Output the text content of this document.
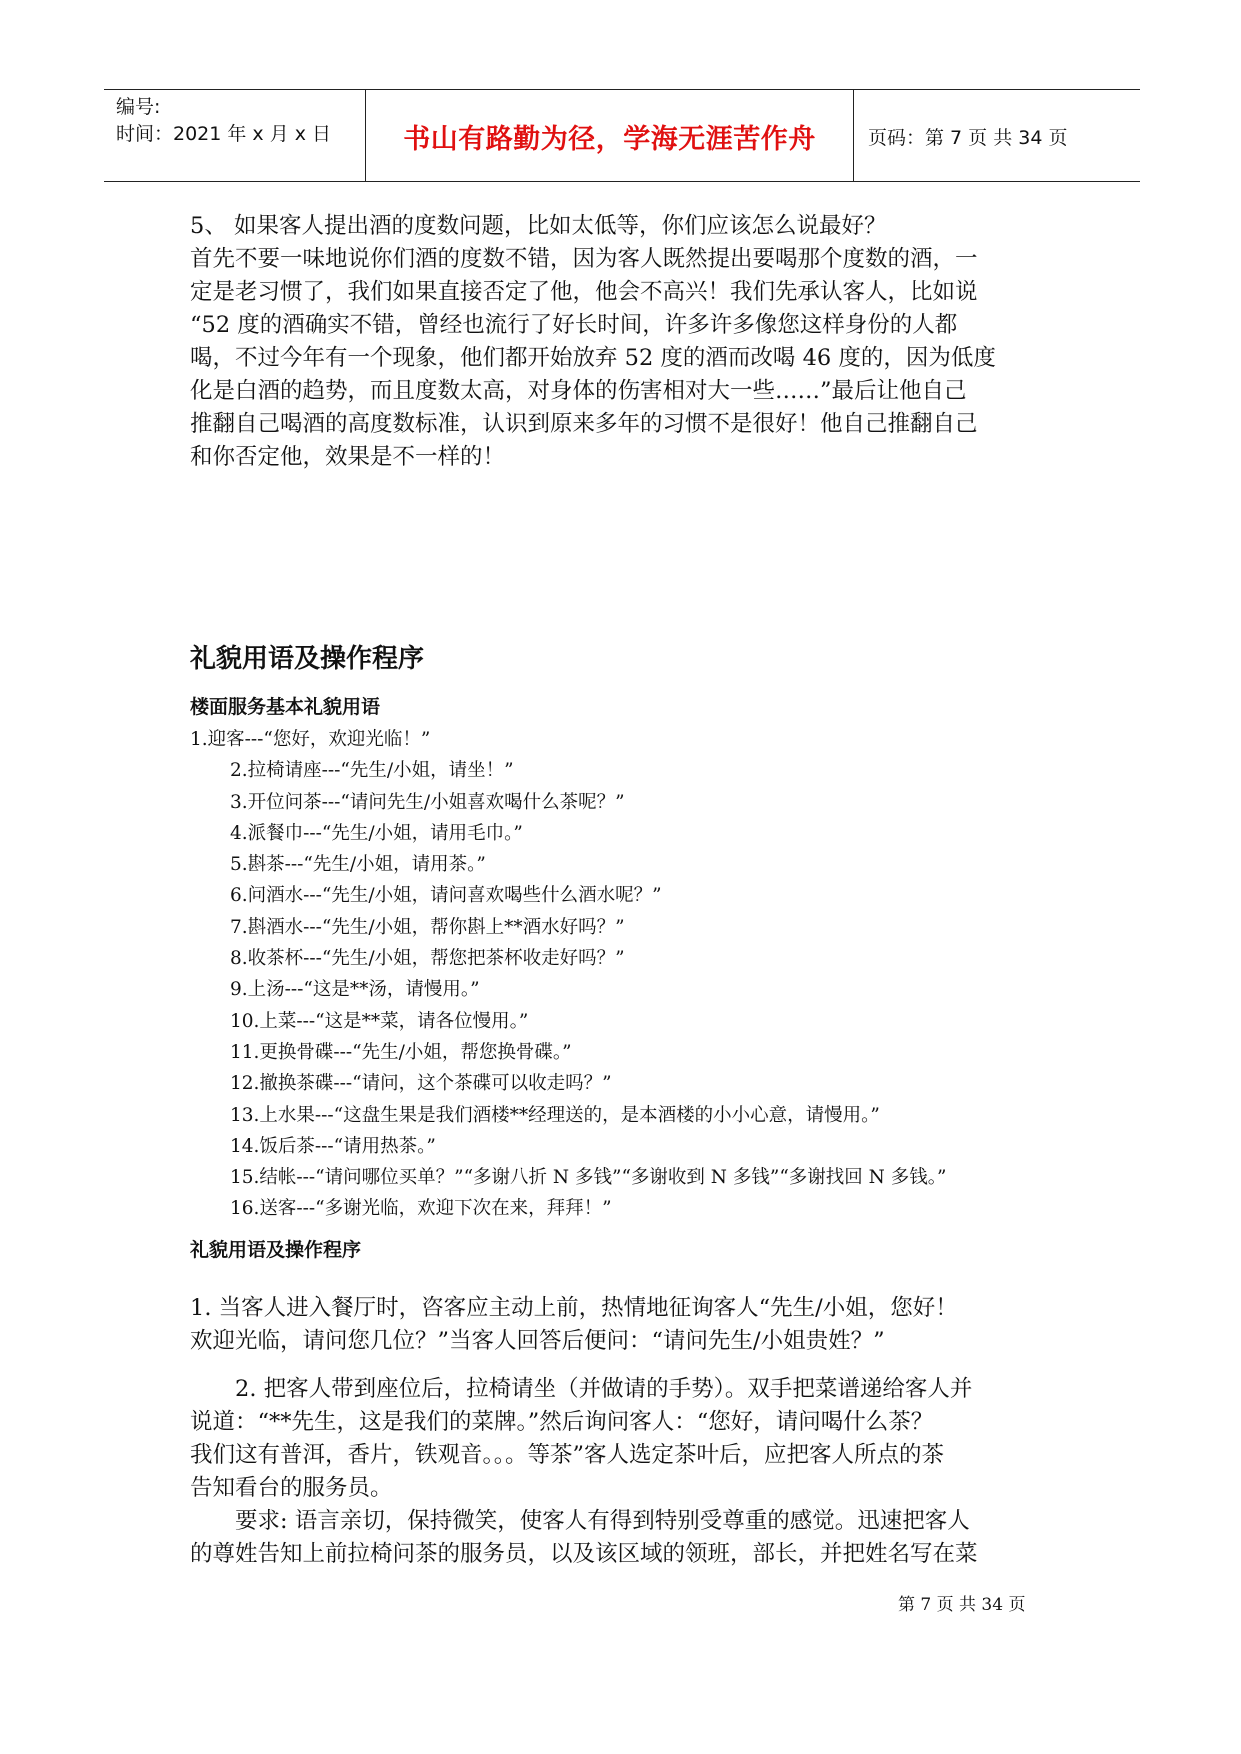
编号:
时间：2021 年 x 月 x 日	书山有路勤为径，学海无涯苦作舟	页码：第 7 页 共 34 页

5、 如果客人提出酒的度数问题，比如太低等，你们应该怎么说最好？

首先不要一味地说你们酒的度数不错，因为客人既然提出要喝那个度数的酒，一

定是老习惯了，我们如果直接否定了他，他会不高兴！我们先承认客人，比如说

“52 度的酒确实不错，曾经也流行了好长时间，许多许多像您这样身份的人都

喝，不过今年有一个现象，他们都开始放弃 52 度的酒而改喝 46 度的，因为低度

化是白酒的趋势，而且度数太高，对身体的伤害相对大一些……”最后让他自己

推翻自己喝酒的高度数标准，认识到原来多年的习惯不是很好！他自己推翻自己

和你否定他，效果是不一样的！

礼貌用语及操作程序
楼面服务基本礼貌用语
1.迎客---“您好，欢迎光临！”
2.拉椅请座---“先生/小姐，请坐！”
3.开位问茶---“请问先生/小姐喜欢喝什么茶呢？”
4.派餐巾---“先生/小姐，请用毛巾。”
5.斟茶---“先生/小姐，请用茶。”
6.问酒水---“先生/小姐，请问喜欢喝些什么酒水呢？”
7.斟酒水---“先生/小姐，帮你斟上**酒水好吗？”
8.收茶杯---“先生/小姐，帮您把茶杯收走好吗？”
9.上汤---“这是**汤，请慢用。”
10.上菜---“这是**菜，请各位慢用。”
11.更换骨碟---“先生/小姐，帮您换骨碟。”
12.撤换茶碟---“请问，这个茶碟可以收走吗？”
13.上水果---“这盘生果是我们酒楼**经理送的，是本酒楼的小小心意，请慢用。”
14.饭后茶---“请用热茶。”
15.结帐---“请问哪位买单？”“多谢八折 N 多钱”“多谢收到 N 多钱”“多谢找回 N 多钱。”
16.送客---“多谢光临，欢迎下次在来，拜拜！”
礼貌用语及操作程序

1. 当客人进入餐厅时，咨客应主动上前，热情地征询客人“先生/小姐，您好！

欢迎光临，请问您几位？”当客人回答后便问：“请问先生/小姐贵姓？”

　　2. 把客人带到座位后，拉椅请坐（并做请的手势）。双手把菜谱递给客人并

说道：“**先生，这是我们的菜牌。”然后询问客人：“您好，请问喝什么茶？

我们这有普洱，香片，铁观音。。。等茶”客人选定茶叶后，应把客人所点的茶

告知看台的服务员。

　　要求: 语言亲切，保持微笑，使客人有得到特别受尊重的感觉。迅速把客人

的尊姓告知上前拉椅问茶的服务员，以及该区域的领班，部长，并把姓名写在菜

第 7 页 共 34 页
